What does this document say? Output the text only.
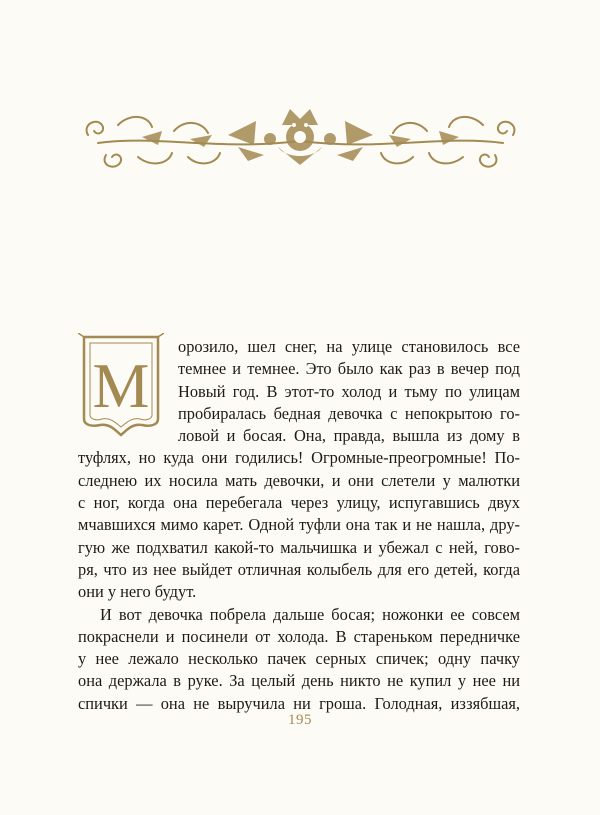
М
орозило, шел снег, на улице становилось все
темнее и темнее. Это было как раз в вечер под
Новый год. В этот-то холод и тьму по улицам
пробиралась бедная девочка с непокрытою го-
ловой и босая. Она, правда, вышла из дому в
туфлях, но куда они годились! Огромные-преогромные! По-
следнею их носила мать девочки, и они слетели у малютки
с ног, когда она перебегала через улицу, испугавшись двух
мчавшихся мимо карет. Одной туфли она так и не нашла, дру-
гую же подхватил какой-то мальчишка и убежал с ней, гово-
ря, что из нее выйдет отличная колыбель для его детей, когда
они у него будут.
И вот девочка побрела дальше босая; ножонки ее совсем
покраснели и посинели от холода. В стареньком передничке
у нее лежало несколько пачек серных спичек; одну пачку
она держала в руке. За целый день никто не купил у нее ни
спички — она не выручила ни гроша. Голодная, иззябшая,
195
